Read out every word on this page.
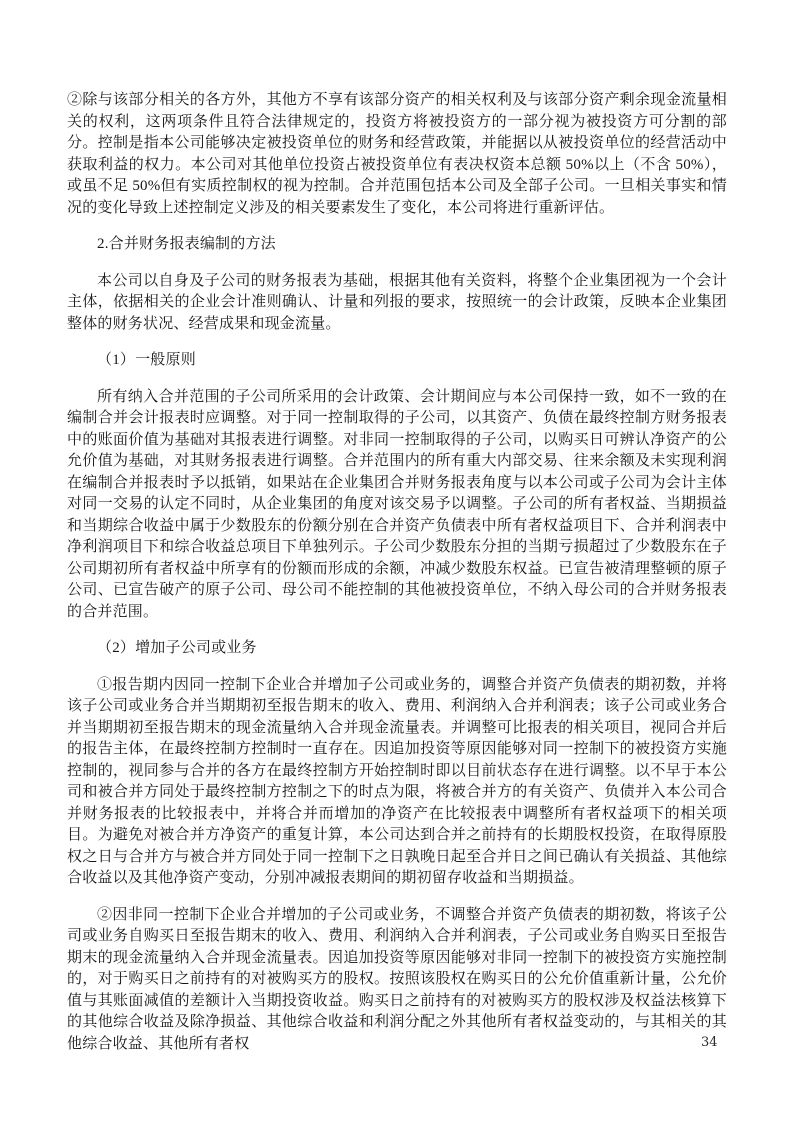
②除与该部分相关的各方外，其他方不享有该部分资产的相关权利及与该部分资产剩余现金流量相关的权利，这两项条件且符合法律规定的，投资方将被投资方的一部分视为被投资方可分割的部分。控制是指本公司能够决定被投资单位的财务和经营政策，并能据以从被投资单位的经营活动中获取利益的权力。本公司对其他单位投资占被投资单位有表决权资本总额 50%以上（不含 50%），或虽不足 50%但有实质控制权的视为控制。合并范围包括本公司及全部子公司。一旦相关事实和情况的变化导致上述控制定义涉及的相关要素发生了变化，本公司将进行重新评估。

2.合并财务报表编制的方法

本公司以自身及子公司的财务报表为基础，根据其他有关资料，将整个企业集团视为一个会计主体，依据相关的企业会计准则确认、计量和列报的要求，按照统一的会计政策，反映本企业集团整体的财务状况、经营成果和现金流量。

（1）一般原则

所有纳入合并范围的子公司所采用的会计政策、会计期间应与本公司保持一致，如不一致的在编制合并会计报表时应调整。对于同一控制取得的子公司，以其资产、负债在最终控制方财务报表中的账面价值为基础对其报表进行调整。对非同一控制取得的子公司，以购买日可辨认净资产的公允价值为基础，对其财务报表进行调整。合并范围内的所有重大内部交易、往来余额及未实现利润在编制合并报表时予以抵销，如果站在企业集团合并财务报表角度与以本公司或子公司为会计主体对同一交易的认定不同时，从企业集团的角度对该交易予以调整。子公司的所有者权益、当期损益和当期综合收益中属于少数股东的份额分别在合并资产负债表中所有者权益项目下、合并利润表中净利润项目下和综合收益总项目下单独列示。子公司少数股东分担的当期亏损超过了少数股东在子公司期初所有者权益中所享有的份额而形成的余额，冲减少数股东权益。已宣告被清理整顿的原子公司、已宣告破产的原子公司、母公司不能控制的其他被投资单位，不纳入母公司的合并财务报表的合并范围。

（2）增加子公司或业务

①报告期内因同一控制下企业合并增加子公司或业务的，调整合并资产负债表的期初数，并将该子公司或业务合并当期期初至报告期末的收入、费用、利润纳入合并利润表；该子公司或业务合并当期期初至报告期末的现金流量纳入合并现金流量表。并调整可比报表的相关项目，视同合并后的报告主体，在最终控制方控制时一直存在。因追加投资等原因能够对同一控制下的被投资方实施控制的，视同参与合并的各方在最终控制方开始控制时即以目前状态存在进行调整。以不早于本公司和被合并方同处于最终控制方控制之下的时点为限，将被合并方的有关资产、负债并入本公司合并财务报表的比较报表中，并将合并而增加的净资产在比较报表中调整所有者权益项下的相关项目。为避免对被合并方净资产的重复计算，本公司达到合并之前持有的长期股权投资，在取得原股权之日与合并方与被合并方同处于同一控制下之日孰晚日起至合并日之间已确认有关损益、其他综合收益以及其他净资产变动，分别冲减报表期间的期初留存收益和当期损益。

②因非同一控制下企业合并增加的子公司或业务，不调整合并资产负债表的期初数，将该子公司或业务自购买日至报告期末的收入、费用、利润纳入合并利润表，子公司或业务自购买日至报告期末的现金流量纳入合并现金流量表。因追加投资等原因能够对非同一控制下的被投资方实施控制的，对于购买日之前持有的对被购买方的股权。按照该股权在购买日的公允价值重新计量，公允价值与其账面减值的差额计入当期投资收益。购买日之前持有的对被购买方的股权涉及权益法核算下的其他综合收益及除净损益、其他综合收益和利润分配之外其他所有者权益变动的，与其相关的其他综合收益、其他所有者权	34
